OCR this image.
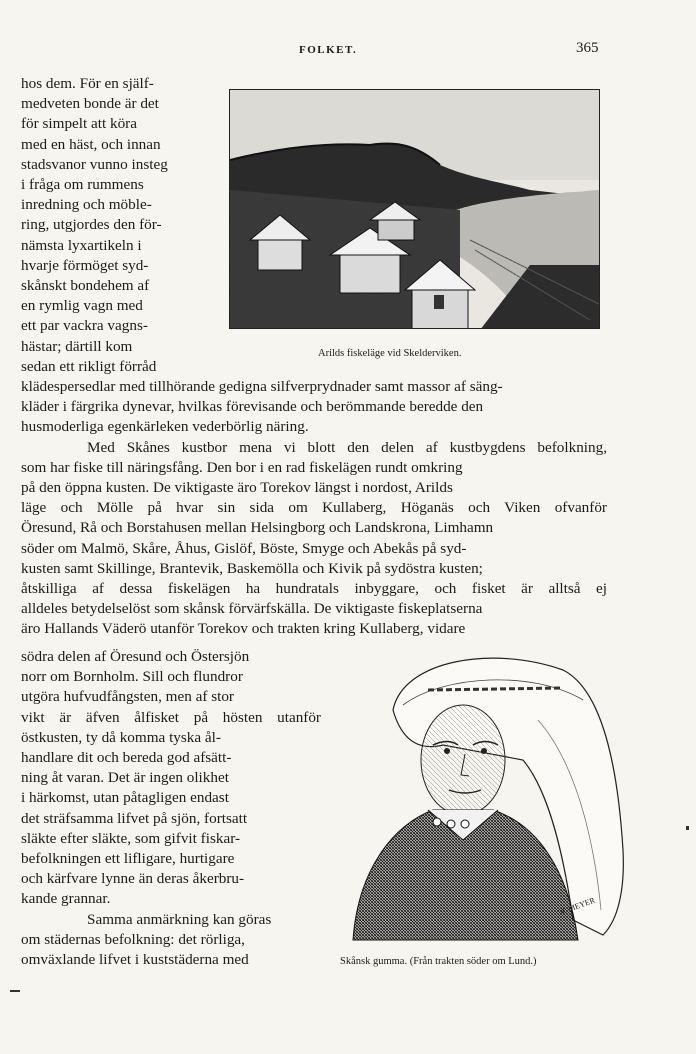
FOLKET.	365
hos dem. För en själf-
medveten bonde är det
för simpelt att köra
med en häst, och innan
stadsvanor vunno insteg
i fråga om rummens
inredning och möble-
ring, utgjordes den för-
nämsta lyxartikeln i
hvarje förmöget syd-
skånskt bondehem af
en rymlig vagn med
ett par vackra vagns-
hästar; därtill kom
sedan ett rikligt förråd
Arilds fiskeläge vid Skelderviken.
klädespersedlar med tillhörande gedigna silfverprydnader samt massor af säng-
kläder i färgrika dynevar, hvilkas förevisande och berömmande beredde den
husmoderliga egenkärleken vederbörlig näring.
Med Skånes kustbor mena vi blott den delen af kustbygdens befolkning,
som har fiske till näringsfång. Den bor i en rad fiskelägen rundt omkring
på den öppna kusten. De viktigaste äro Torekov längst i nordost, Arilds
läge och Mölle på hvar sin sida om Kullaberg, Höganäs och Viken ofvanför
Öresund, Rå och Borstahusen mellan Helsingborg och Landskrona, Limhamn
söder om Malmö, Skåre, Åhus, Gislöf, Böste, Smyge och Abekås på syd-
kusten samt Skillinge, Brantevik, Baskemölla och Kivik på sydöstra kusten;
åtskilliga af dessa fiskelägen ha hundratals inbyggare, och fisket är alltså ej
alldeles betydelselöst som skånsk förvärfskälla. De viktigaste fiskeplatserna
äro Hallands Väderö utanför Torekov och trakten kring Kullaberg, vidare
södra delen af Öresund och Östersjön
norr om Bornholm. Sill och flundror
utgöra hufvudfångsten, men af stor
vikt är äfven ålfisket på hösten utanför
östkusten, ty då komma tyska ål-
handlare dit och bereda god afsätt-
ning åt varan. Det är ingen olikhet
i härkomst, utan påtagligen endast
det sträfsamma lifvet på sjön, fortsatt
släkte efter släkte, som gifvit fiskar-
befolkningen ett lifligare, hurtigare
och kärfvare lynne än deras åkerbru-
kande grannar.
Samma anmärkning kan göras
om städernas befolkning: det rörliga,
omväxlande lifvet i kuststäderna med
W. MEYER
Skånsk gumma. (Från trakten söder om Lund.)
